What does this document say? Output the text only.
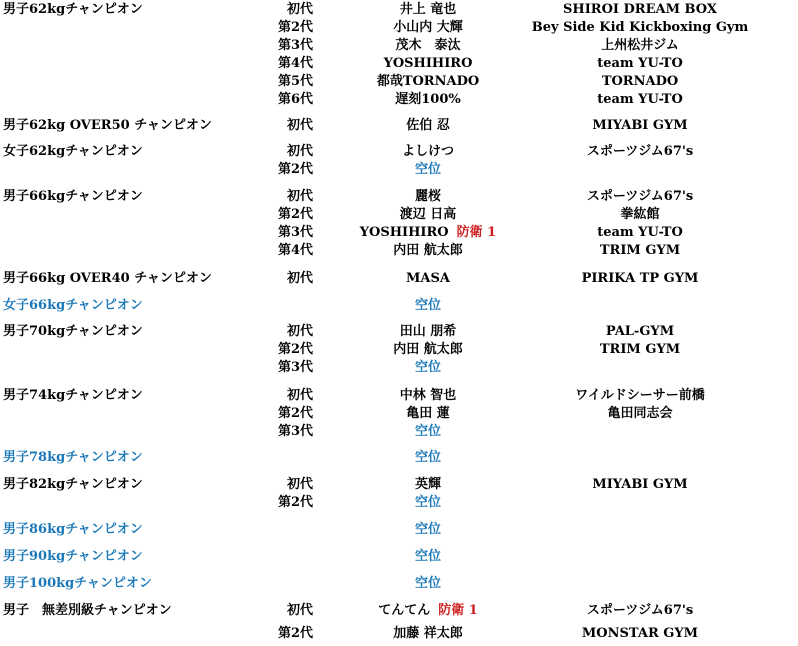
男子62kgチャンピオン	初代	井上 竜也	SHIROI DREAM BOX
第2代	小山内 大輝	Bey Side Kid Kickboxing Gym
第3代	茂木　泰汰	上州松井ジム
第4代	YOSHIHIRO	team YU-TO
第5代	都哉TORNADO	TORNADO
第6代	遅刻100%	team YU-TO
男子62kg OVER50 チャンピオン	初代	佐伯 忍	MIYABI GYM
女子62kgチャンピオン	初代	よしけつ	スポーツジム67's
第2代	空位
男子66kgチャンピオン	初代	麗桜	スポーツジム67's
第2代	渡辺 日高	拳紘館
第3代	YOSHIHIRO 防衛 1	team YU-TO
第4代	内田 航太郎	TRIM GYM
男子66kg OVER40 チャンピオン	初代	MASA	PIRIKA TP GYM
女子66kgチャンピオン	空位
男子70kgチャンピオン	初代	田山 朋希	PAL-GYM
第2代	内田 航太郎	TRIM GYM
第3代	空位
男子74kgチャンピオン	初代	中林 智也	ワイルドシーサー前橋
第2代	亀田 蓮	亀田同志会
第3代	空位
男子78kgチャンピオン	空位
男子82kgチャンピオン	初代	英輝	MIYABI GYM
第2代	空位
男子86kgチャンピオン	空位
男子90kgチャンピオン	空位
男子100kgチャンピオン	空位
男子　無差別級チャンピオン	初代	てんてん 防衛 1	スポーツジム67's
第2代	加藤 祥太郎	MONSTAR GYM
